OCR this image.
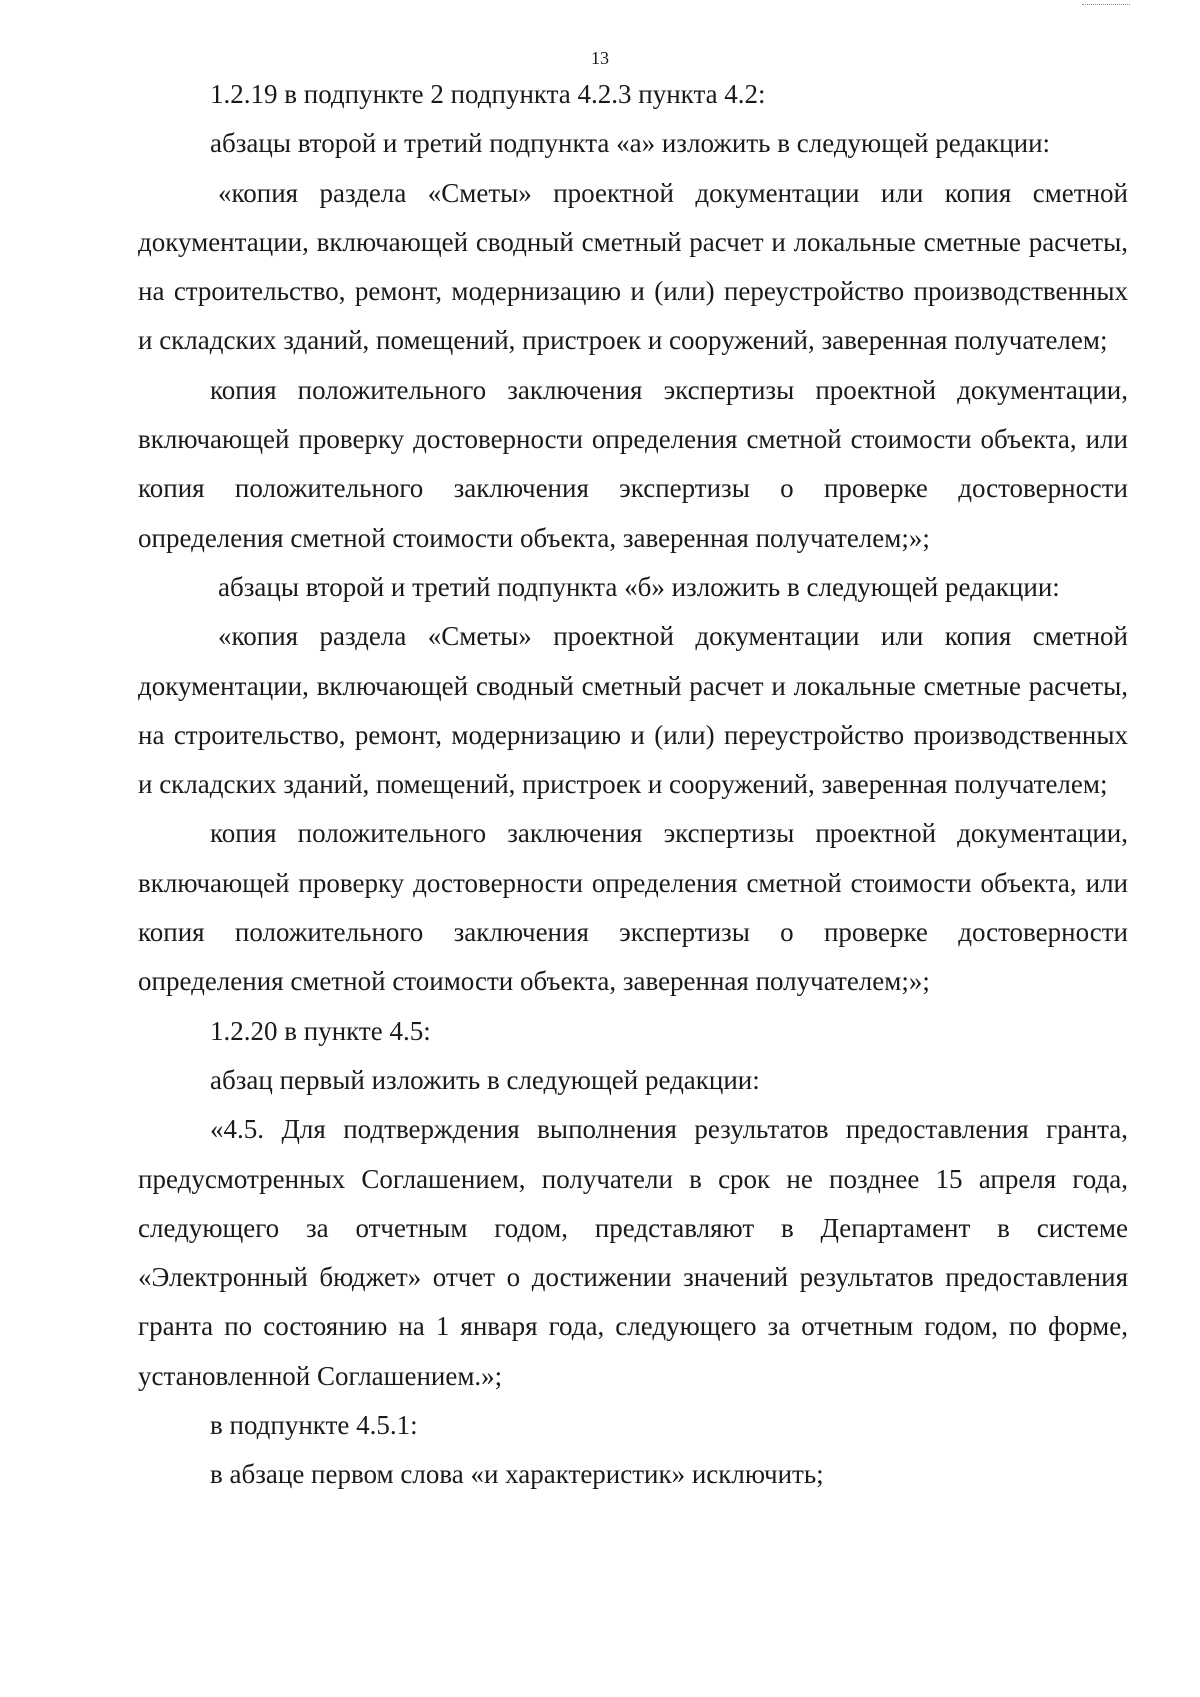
13

1.2.19 в подпункте 2 подпункта 4.2.3 пункта 4.2:

абзацы второй и третий подпункта «а» изложить в следующей редакции:

«копия раздела «Сметы» проектной документации или копия сметной документации, включающей сводный сметный расчет и локальные сметные расчеты, на строительство, ремонт, модернизацию и (или) переустройство производственных и складских зданий, помещений, пристроек и сооружений, заверенная получателем;

копия положительного заключения экспертизы проектной документации, включающей проверку достоверности определения сметной стоимости объекта, или копия положительного заключения экспертизы о проверке достоверности определения сметной стоимости объекта, заверенная получателем;»;

абзацы второй и третий подпункта «б» изложить в следующей редакции:

«копия раздела «Сметы» проектной документации или копия сметной документации, включающей сводный сметный расчет и локальные сметные расчеты, на строительство, ремонт, модернизацию и (или) переустройство производственных и складских зданий, помещений, пристроек и сооружений, заверенная получателем;

копия положительного заключения экспертизы проектной документации, включающей проверку достоверности определения сметной стоимости объекта, или копия положительного заключения экспертизы о проверке достоверности определения сметной стоимости объекта, заверенная получателем;»;

1.2.20 в пункте 4.5:

абзац первый изложить в следующей редакции:

«4.5. Для подтверждения выполнения результатов предоставления гранта, предусмотренных Соглашением, получатели в срок не позднее 15 апреля года, следующего за отчетным годом, представляют в Департамент в системе «Электронный бюджет» отчет о достижении значений результатов предоставления гранта по состоянию на 1 января года, следующего за отчетным годом, по форме, установленной Соглашением.»;

в подпункте 4.5.1:

в абзаце первом слова «и характеристик» исключить;
